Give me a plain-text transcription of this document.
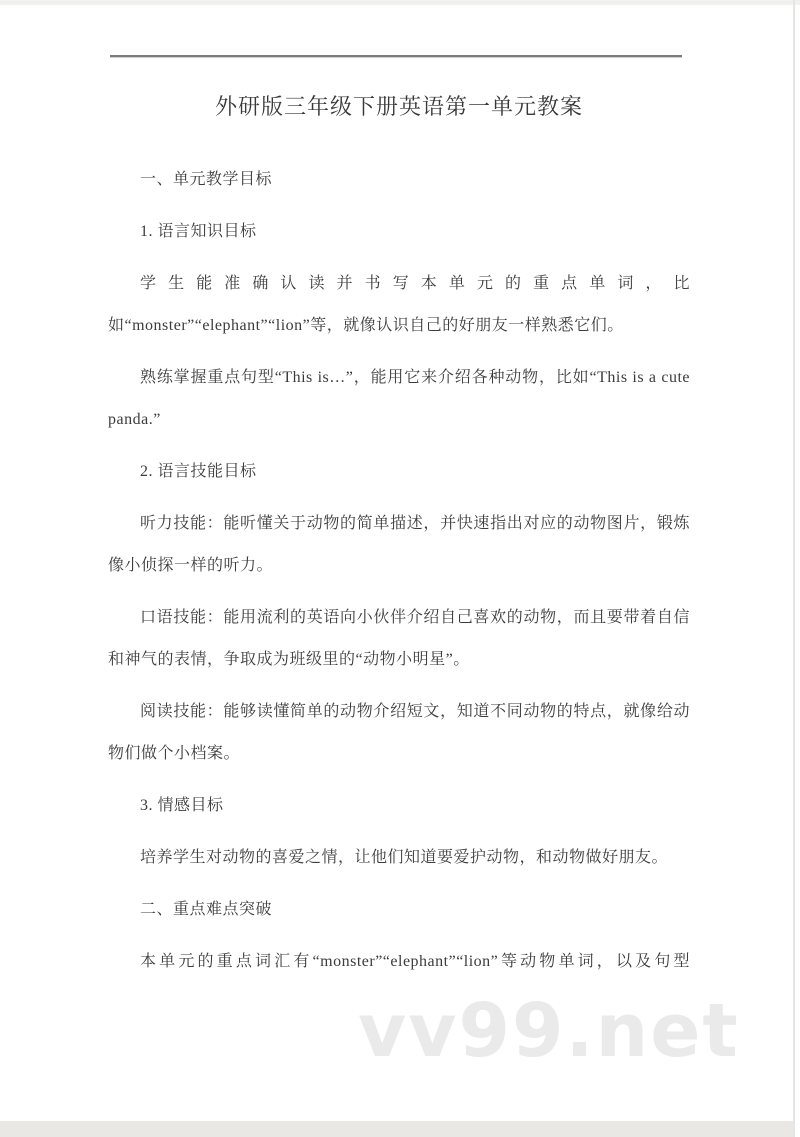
vv99.net
外研版三年级下册英语第一单元教案
一、单元教学目标
1. 语言知识目标
学生能准确认读并书写本单元的重点单词，比如“monster”“elephant”“lion”等，就像认识自己的好朋友一样熟悉它们。
熟练掌握重点句型“This is…”，能用它来介绍各种动物，比如“This is a cute panda.”
2. 语言技能目标
听力技能：能听懂关于动物的简单描述，并快速指出对应的动物图片，锻炼像小侦探一样的听力。
口语技能：能用流利的英语向小伙伴介绍自己喜欢的动物，而且要带着自信和神气的表情，争取成为班级里的“动物小明星”。
阅读技能：能够读懂简单的动物介绍短文，知道不同动物的特点，就像给动物们做个小档案。
3. 情感目标
培养学生对动物的喜爱之情，让他们知道要爱护动物，和动物做好朋友。
二、重点难点突破
本单元的重点词汇有“monster”“elephant”“lion”等动物单词，以及句型
